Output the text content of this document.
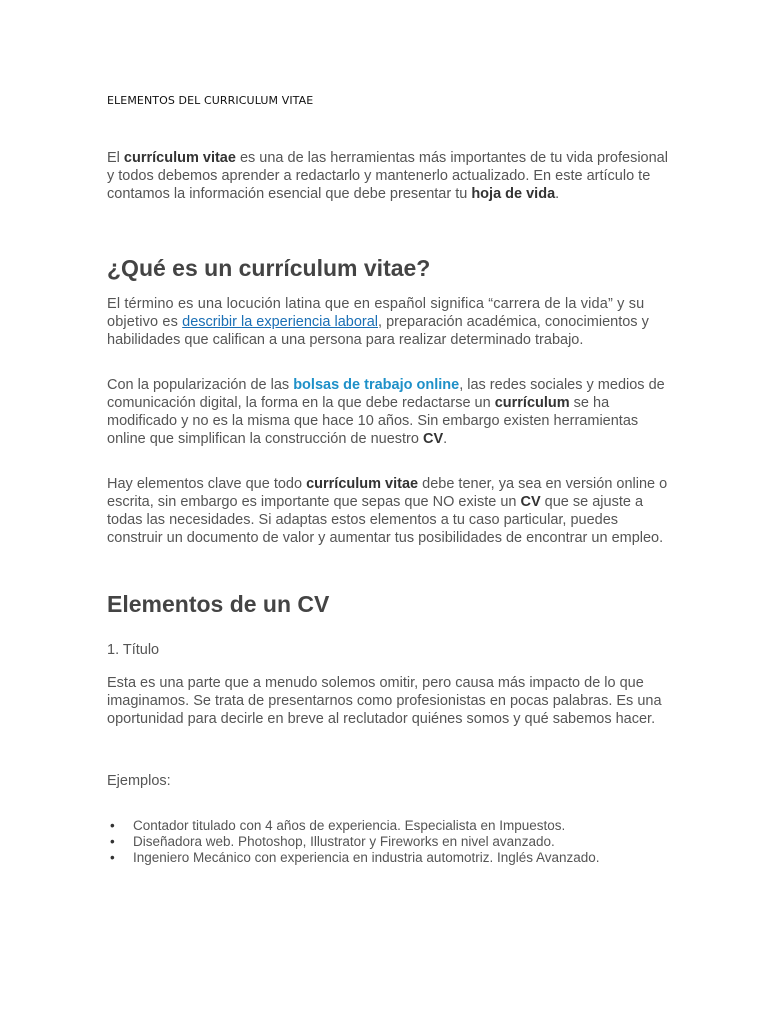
ELEMENTOS DEL CURRICULUM VITAE

El currículum vitae es una de las herramientas más importantes de tu vida profesional y todos debemos aprender a redactarlo y mantenerlo actualizado. En este artículo te contamos la información esencial que debe presentar tu hoja de vida.

¿Qué es un currículum vitae?

El término es una locución latina que en español significa “carrera de la vida” y su objetivo es describir la experiencia laboral, preparación académica, conocimientos y habilidades que califican a una persona para realizar determinado trabajo.

Con la popularización de las bolsas de trabajo online, las redes sociales y medios de comunicación digital, la forma en la que debe redactarse un currículum se ha modificado y no es la misma que hace 10 años. Sin embargo existen herramientas online que simplifican la construcción de nuestro CV.

Hay elementos clave que todo currículum vitae debe tener, ya sea en versión online o escrita, sin embargo es importante que sepas que NO existe un CV que se ajuste a todas las necesidades. Si adaptas estos elementos a tu caso particular, puedes construir un documento de valor y aumentar tus posibilidades de encontrar un empleo.

Elementos de un CV

1. Título

Esta es una parte que a menudo solemos omitir, pero causa más impacto de lo que imaginamos. Se trata de presentarnos como profesionistas en pocas palabras. Es una oportunidad para decirle en breve al reclutador quiénes somos y qué sabemos hacer.

Ejemplos:

• Contador titulado con 4 años de experiencia. Especialista en Impuestos.
• Diseñadora web. Photoshop, Illustrator y Fireworks en nivel avanzado.
• Ingeniero Mecánico con experiencia en industria automotriz. Inglés Avanzado.
